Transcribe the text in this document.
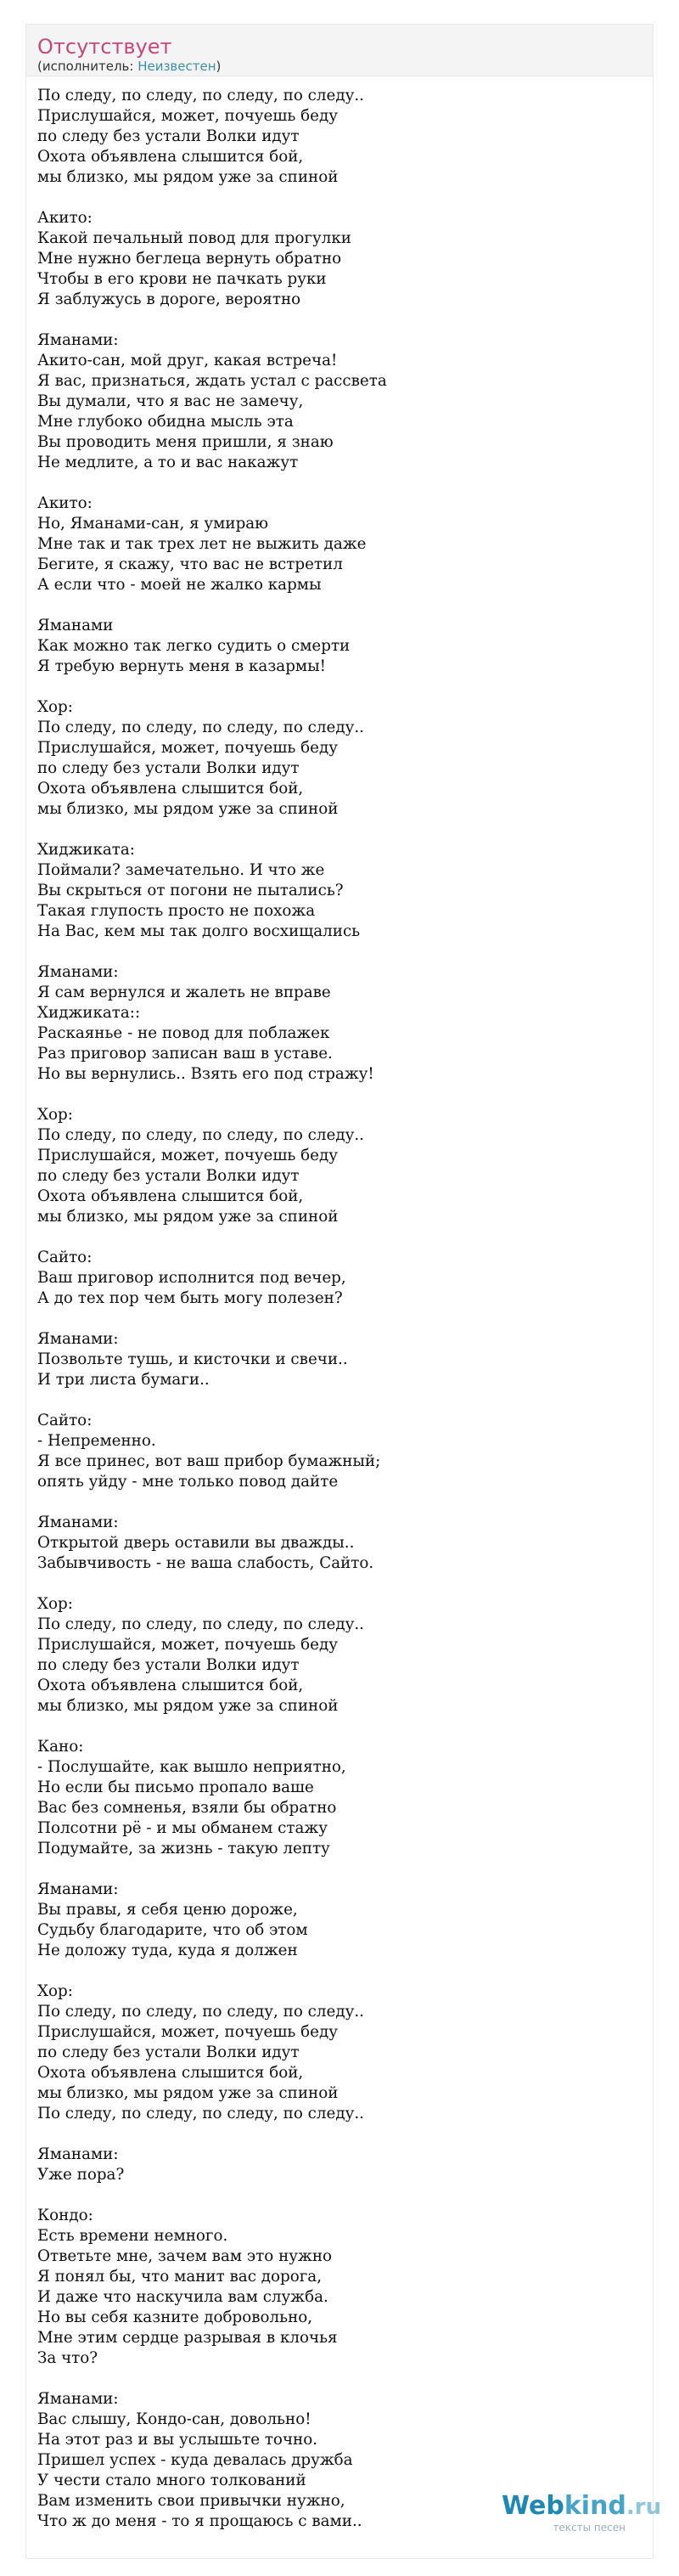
Отсутствует
(исполнитель: Неизвестен)
По следу, по следу, по следу, по следу..
Прислушайся, может, почуешь беду
по следу без устали Волки идут
Охота объявлена слышится бой,
мы близко, мы рядом уже за спиной
Акито:
Какой печальный повод для прогулки
Мне нужно беглеца вернуть обратно
Чтобы в его крови не пачкать руки
Я заблужусь в дороге, вероятно
Яманами:
Акито-сан, мой друг, какая встреча!
Я вас, признаться, ждать устал с рассвета
Вы думали, что я вас не замечу,
Мне глубоко обидна мысль эта
Вы проводить меня пришли, я знаю
Не медлите, а то и вас накажут
Акито:
Но, Яманами-сан, я умираю
Мне так и так трех лет не выжить даже
Бегите, я скажу, что вас не встретил
А если что - моей не жалко кармы
Яманами
Как можно так легко судить о смерти
Я требую вернуть меня в казармы!
Хор:
По следу, по следу, по следу, по следу..
Прислушайся, может, почуешь беду
по следу без устали Волки идут
Охота объявлена слышится бой,
мы близко, мы рядом уже за спиной
Хиджиката:
Поймали? замечательно. И что же
Вы скрыться от погони не пытались?
Такая глупость просто не похожа
На Вас, кем мы так долго восхищались
Яманами:
Я сам вернулся и жалеть не вправе
Хиджиката::
Раскаянье - не повод для поблажек
Раз приговор записан ваш в уставе.
Но вы вернулись.. Взять его под стражу!
Хор:
По следу, по следу, по следу, по следу..
Прислушайся, может, почуешь беду
по следу без устали Волки идут
Охота объявлена слышится бой,
мы близко, мы рядом уже за спиной
Сайто:
Ваш приговор исполнится под вечер,
А до тех пор чем быть могу полезен?
Яманами:
Позвольте тушь, и кисточки и свечи..
И три листа бумаги..
Сайто:
- Непременно.
Я все принес, вот ваш прибор бумажный;
опять уйду - мне только повод дайте
Яманами:
Открытой дверь оставили вы дважды..
Забывчивость - не ваша слабость, Сайто.
Хор:
По следу, по следу, по следу, по следу..
Прислушайся, может, почуешь беду
по следу без устали Волки идут
Охота объявлена слышится бой,
мы близко, мы рядом уже за спиной
Кано:
- Послушайте, как вышло неприятно,
Но если бы письмо пропало ваше
Вас без сомненья, взяли бы обратно
Полсотни рё - и мы обманем стажу
Подумайте, за жизнь - такую лепту
Яманами:
Вы правы, я себя ценю дороже,
Судьбу благодарите, что об этом
Не доложу туда, куда я должен
Хор:
По следу, по следу, по следу, по следу..
Прислушайся, может, почуешь беду
по следу без устали Волки идут
Охота объявлена слышится бой,
мы близко, мы рядом уже за спиной
По следу, по следу, по следу, по следу..
Яманами:
Уже пора?
Кондо:
Есть времени немного.
Ответьте мне, зачем вам это нужно
Я понял бы, что манит вас дорога,
И даже что наскучила вам служба.
Но вы себя казните добровольно,
Мне этим сердце разрывая в клочья
За что?
Яманами:
Вас слышу, Кондо-сан, довольно!
На этот раз и вы услышьте точно.
Пришел успех - куда девалась дружба
У чести стало много толкований
Вам изменить свои привычки нужно,
Что ж до меня - то я прощаюсь с вами..
Webkind.ru
тексты песен
